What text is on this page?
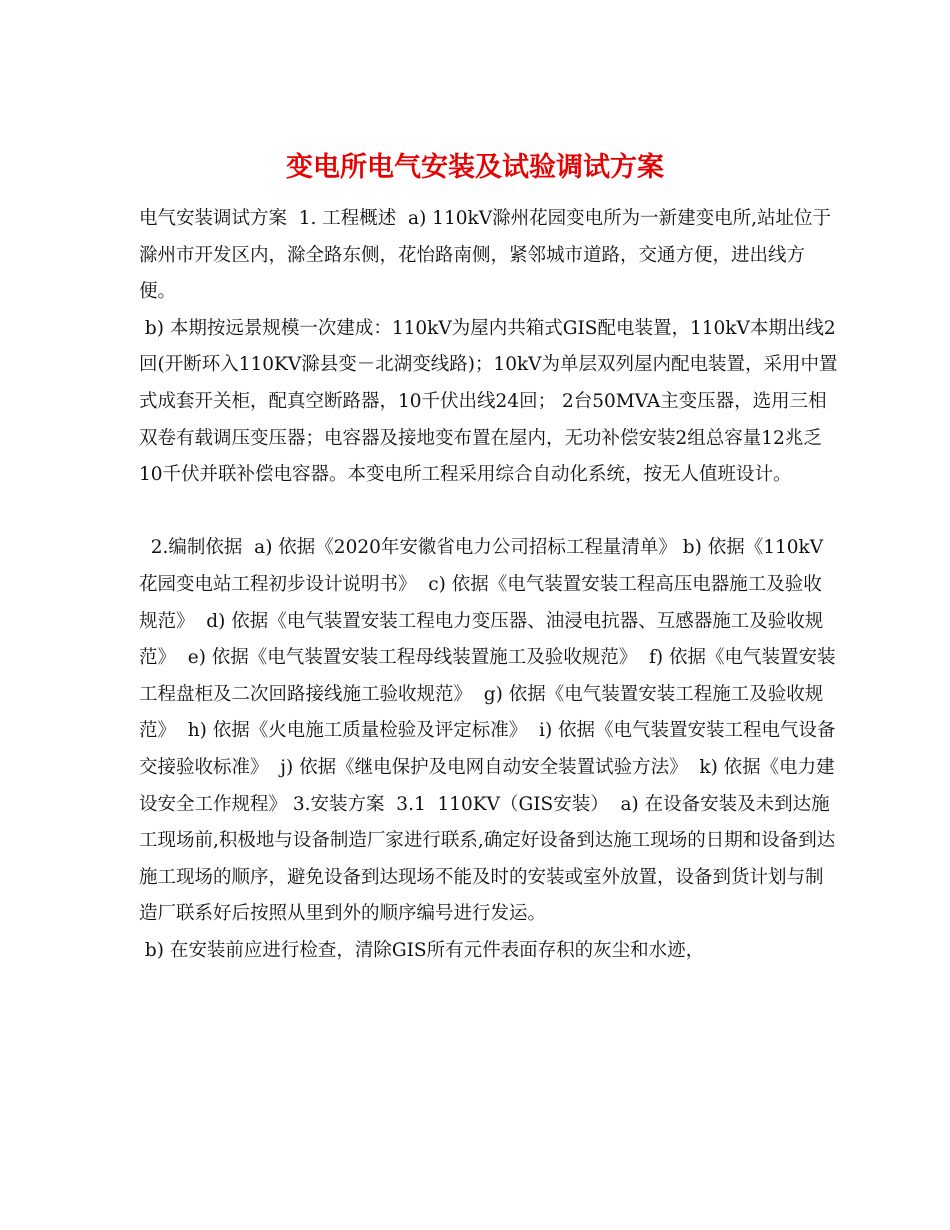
变电所电气安装及试验调试方案

电气安装调试方案  1. 工程概述  a) 110kV滁州花园变电所为一新建变电所,站址位于滁州市开发区内，滁全路东侧，花怡路南侧，紧邻城市道路，交通方便，进出线方便。

b) 本期按远景规模一次建成：110kV为屋内共箱式GIS配电装置，110kV本期出线2回(开断环入110KV滁县变－北湖变线路)；10kV为单层双列屋内配电装置，采用中置式成套开关柜，配真空断路器，10千伏出线24回； 2台50MVA主变压器，选用三相双卷有载调压变压器；电容器及接地变布置在屋内，无功补偿安装2组总容量12兆乏10千伏并联补偿电容器。本变电所工程采用综合自动化系统，按无人值班设计。

2.编制依据  a) 依据《2020年安徽省电力公司招标工程量清单》 b) 依据《110kV花园变电站工程初步设计说明书》  c) 依据《电气装置安装工程高压电器施工及验收规范》  d) 依据《电气装置安装工程电力变压器、油浸电抗器、互感器施工及验收规范》  e) 依据《电气装置安装工程母线装置施工及验收规范》  f) 依据《电气装置安装工程盘柜及二次回路接线施工验收规范》  g) 依据《电气装置安装工程施工及验收规范》  h) 依据《火电施工质量检验及评定标准》  i) 依据《电气装置安装工程电气设备交接验收标准》  j) 依据《继电保护及电网自动安全装置试验方法》  k) 依据《电力建设安全工作规程》 3.安装方案  3.1  110KV（GIS安装）  a) 在设备安装及未到达施工现场前,积极地与设备制造厂家进行联系,确定好设备到达施工现场的日期和设备到达施工现场的顺序，避免设备到达现场不能及时的安装或室外放置，设备到货计划与制造厂联系好后按照从里到外的顺序编号进行发运。

b) 在安装前应进行检查，清除GIS所有元件表面存积的灰尘和水迹，
